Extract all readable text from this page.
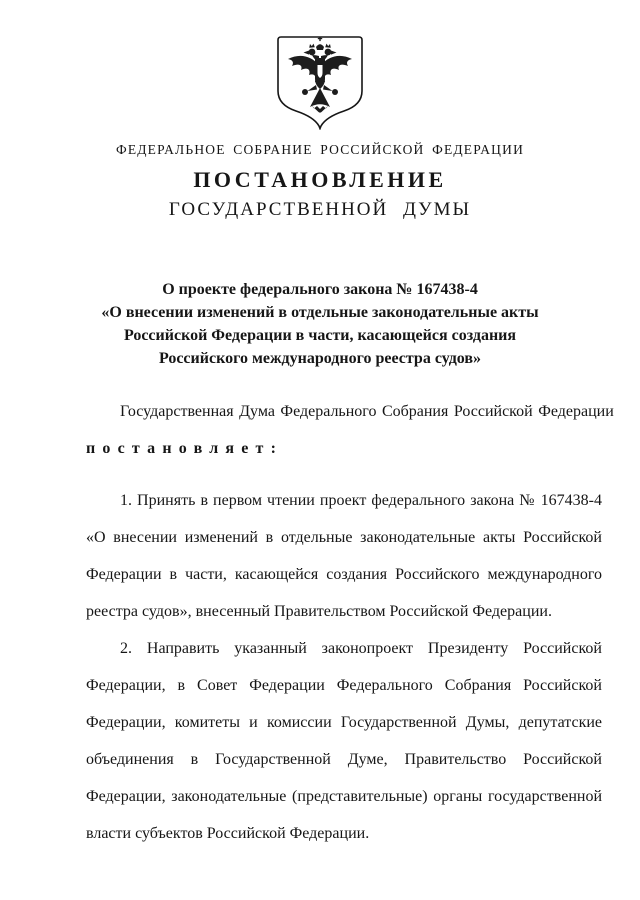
ФЕДЕРАЛЬНОЕ СОБРАНИЕ РОССИЙСКОЙ ФЕДЕРАЦИИ
ПОСТАНОВЛЕНИЕ
ГОСУДАРСТВЕННОЙ ДУМЫ
О проекте федерального закона № 167438-4
«О внесении изменений в отдельные законодательные акты
Российской Федерации в части, касающейся создания
Российского международного реестра судов»
Государственная Дума Федерального Собрания Российской Федерации
постановляет:

1. Принять в первом чтении проект федерального закона № 167438-4 «О внесении изменений в отдельные законодательные акты Российской Федерации в части, касающейся создания Российского международного реестра судов», внесенный Правительством Российской Федерации.

2. Направить указанный законопроект Президенту Российской Федерации, в Совет Федерации Федерального Собрания Российской Федерации, комитеты и комиссии Государственной Думы, депутатские объединения в Государственной Думе, Правительство Российской Федерации, законодательные (представительные) органы государственной власти субъектов Российской Федерации.
